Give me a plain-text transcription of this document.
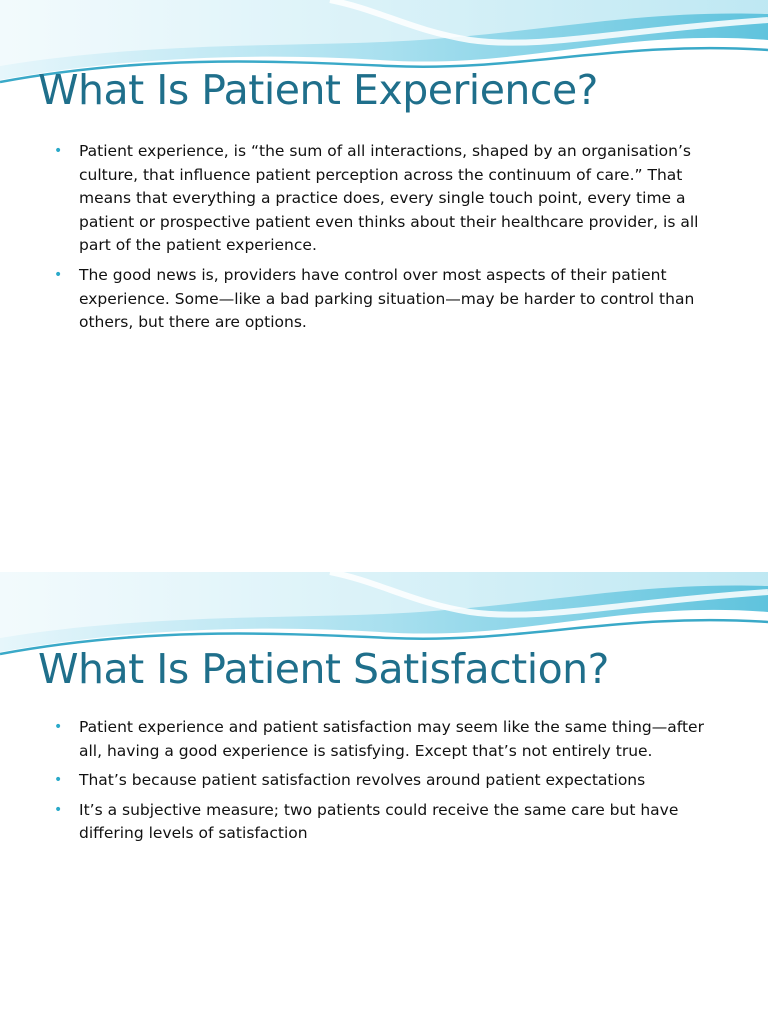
What Is Patient Experience?
• Patient experience, is “the sum of all interactions, shaped by an organisation’s culture, that influence patient perception across the continuum of care.” That means that everything a practice does, every single touch point, every time a patient or prospective patient even thinks about their healthcare provider, is all part of the patient experience.
• The good news is, providers have control over most aspects of their patient experience. Some—like a bad parking situation—may be harder to control than others, but there are options.
What Is Patient Satisfaction?
• Patient experience and patient satisfaction may seem like the same thing—after all, having a good experience is satisfying. Except that’s not entirely true.
• That’s because patient satisfaction revolves around patient expectations
• It’s a subjective measure; two patients could receive the same care but have differing levels of satisfaction
